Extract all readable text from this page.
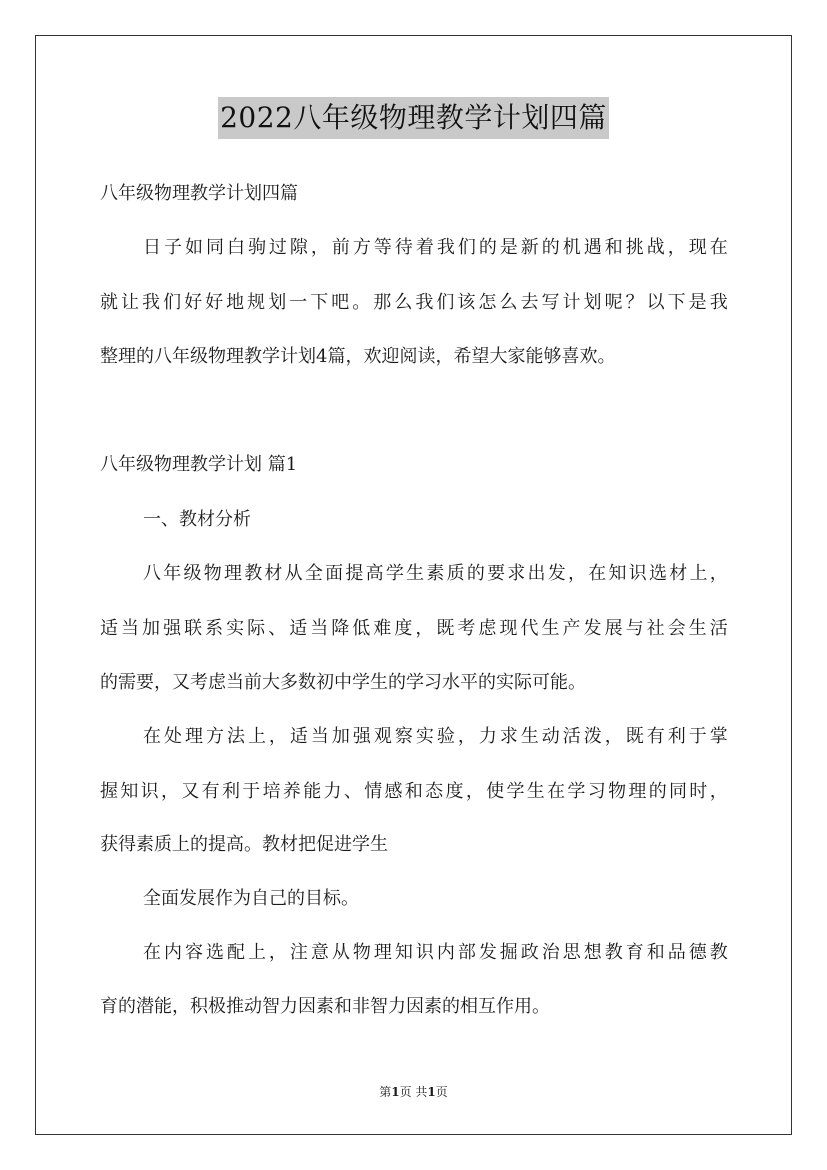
2022八年级物理教学计划四篇
八年级物理教学计划四篇
日子如同白驹过隙，前方等待着我们的是新的机遇和挑战，现在
就让我们好好地规划一下吧。那么我们该怎么去写计划呢？以下是我
整理的八年级物理教学计划4篇，欢迎阅读，希望大家能够喜欢。
八年级物理教学计划 篇1
一、教材分析
八年级物理教材从全面提高学生素质的要求出发，在知识选材上，
适当加强联系实际、适当降低难度，既考虑现代生产发展与社会生活
的需要，又考虑当前大多数初中学生的学习水平的实际可能。
在处理方法上，适当加强观察实验，力求生动活泼，既有利于掌
握知识，又有利于培养能力、情感和态度，使学生在学习物理的同时，
获得素质上的提高。教材把促进学生
全面发展作为自己的目标。
在内容选配上，注意从物理知识内部发掘政治思想教育和品德教
育的潜能，积极推动智力因素和非智力因素的相互作用。
第1页 共1页
